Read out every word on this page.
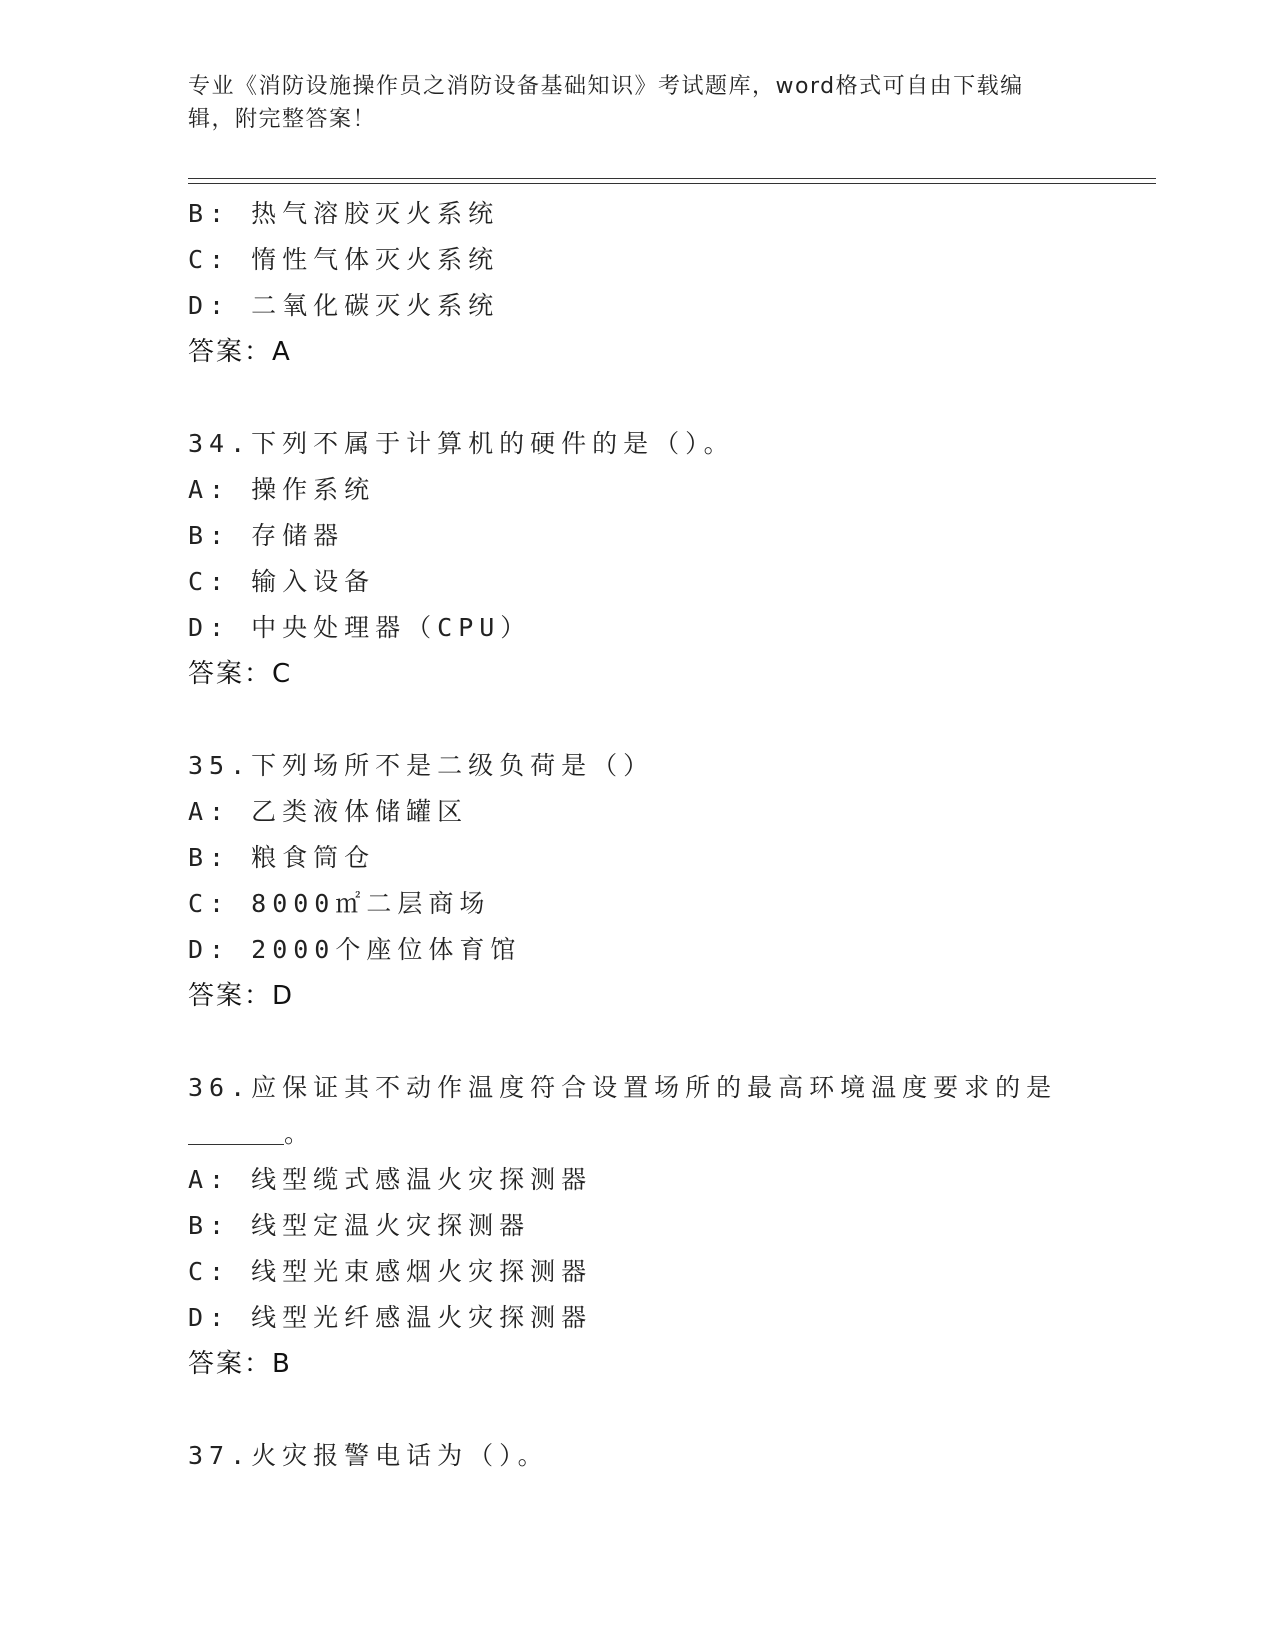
专业《消防设施操作员之消防设备基础知识》考试题库，word格式可自由下载编辑，附完整答案！
B: 热气溶胶灭火系统
C: 惰性气体灭火系统
D: 二氧化碳灭火系统
答案：A
34.下列不属于计算机的硬件的是（）。
A: 操作系统
B: 存储器
C: 输入设备
D: 中央处理器（CPU）
答案：C
35.下列场所不是二级负荷是（）
A: 乙类液体储罐区
B: 粮食筒仓
C: 8000㎡二层商场
D: 2000个座位体育馆
答案：D
36.应保证其不动作温度符合设置场所的最高环境温度要求的是
。
A: 线型缆式感温火灾探测器
B: 线型定温火灾探测器
C: 线型光束感烟火灾探测器
D: 线型光纤感温火灾探测器
答案：B
37.火灾报警电话为（）。
